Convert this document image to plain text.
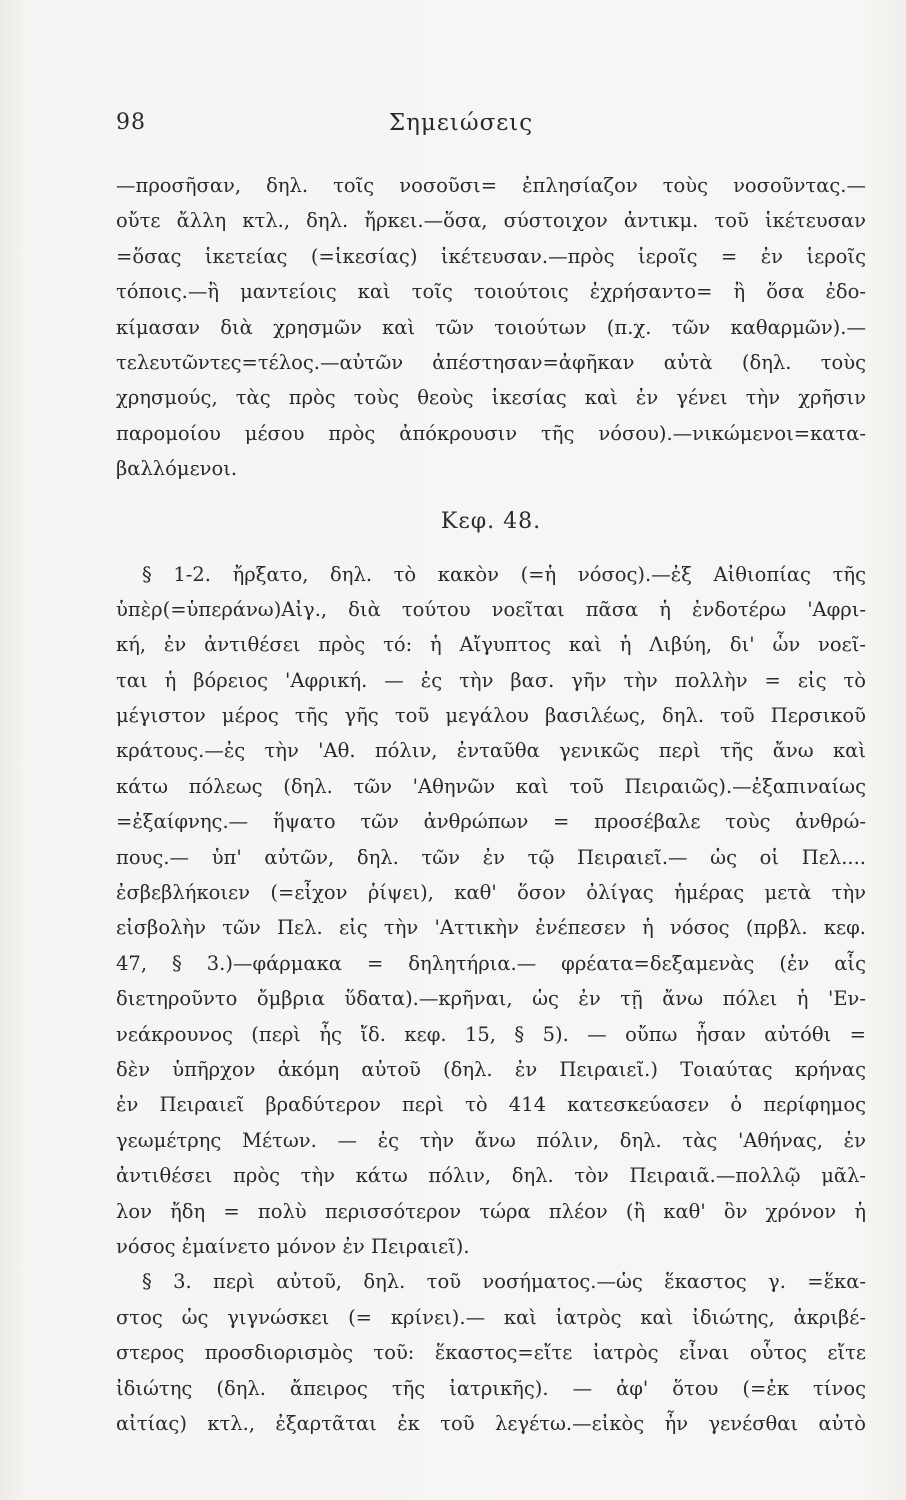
98	Σημειώσεις
—προσῆσαν, δηλ. τοῖς νοσοῦσι= ἐπλησίαζον τοὺς νοσοῦντας.—
οὔτε ἄλλη κτλ., δηλ. ἤρκει.—ὅσα, σύστοιχον ἀντικμ. τοῦ ἱκέτευσαν
=ὅσας ἱκετείας (=ἱκεσίας) ἱκέτευσαν.—πρὸς ἱεροῖς = ἐν ἱεροῖς
τόποις.—ἢ μαντείοις καὶ τοῖς τοιούτοις ἐχρήσαντο= ἢ ὅσα ἐδο-
κίμασαν διὰ χρησμῶν καὶ τῶν τοιούτων (π.χ. τῶν καθαρμῶν).—
τελευτῶντες=τέλος.—αὐτῶν ἀπέστησαν=ἀφῆκαν αὐτὰ (δηλ. τοὺς
χρησμούς, τὰς πρὸς τοὺς θεοὺς ἱκεσίας καὶ ἐν γένει τὴν χρῆσιν
παρομοίου μέσου πρὸς ἀπόκρουσιν τῆς νόσου).—νικώμενοι=κατα-
βαλλόμενοι.
Κεφ. 48.
§ 1-2. ἤρξατο, δηλ. τὸ κακὸν (=ἡ νόσος).—ἐξ Αἰθιοπίας τῆς
ὑπὲρ(=ὑπεράνω)Αἰγ., διὰ τούτου νοεῖται πᾶσα ἡ ἐνδοτέρω 'Αφρι-
κή, ἐν ἀντιθέσει πρὸς τό: ἡ Αἴγυπτος καὶ ἡ Λιβύη, δι' ὧν νοεῖ-
ται ἡ βόρειος 'Αφρική. — ἐς τὴν βασ. γῆν τὴν πολλὴν = εἰς τὸ
μέγιστον μέρος τῆς γῆς τοῦ μεγάλου βασιλέως, δηλ. τοῦ Περσικοῦ
κράτους.—ἐς τὴν 'Αθ. πόλιν, ἐνταῦθα γενικῶς περὶ τῆς ἄνω καὶ
κάτω πόλεως (δηλ. τῶν 'Αθηνῶν καὶ τοῦ Πειραιῶς).—ἐξαπιναίως
=ἐξαίφνης.— ἥψατο τῶν ἀνθρώπων = προσέβαλε τοὺς ἀνθρώ-
πους.— ὑπ' αὐτῶν, δηλ. τῶν ἐν τῷ Πειραιεῖ.— ὡς οἱ Πελ....
ἐσβεβλήκοιεν (=εἶχον ῥίψει), καθ' ὅσον ὀλίγας ἡμέρας μετὰ τὴν
εἰσβολὴν τῶν Πελ. εἰς τὴν 'Αττικὴν ἐνέπεσεν ἡ νόσος (πρβλ. κεφ.
47, § 3.)—φάρμακα = δηλητήρια.— φρέατα=δεξαμενὰς (ἐν αἷς
διετηροῦντο ὄμβρια ὕδατα).—κρῆναι, ὡς ἐν τῇ ἄνω πόλει ἡ 'Εν-
νεάκρουνος (περὶ ἧς ἴδ. κεφ. 15, § 5). — οὔπω ἦσαν αὐτόθι =
δὲν ὑπῆρχον ἀκόμη αὐτοῦ (δηλ. ἐν Πειραιεῖ.) Τοιαύτας κρήνας
ἐν Πειραιεῖ βραδύτερον περὶ τὸ 414 κατεσκεύασεν ὁ περίφημος
γεωμέτρης Μέτων. — ἐς τὴν ἄνω πόλιν, δηλ. τὰς 'Αθήνας, ἐν
ἀντιθέσει πρὸς τὴν κάτω πόλιν, δηλ. τὸν Πειραιᾶ.—πολλῷ μᾶλ-
λον ἤδη = πολὺ περισσότερον τώρα πλέον (ἢ καθ' ὃν χρόνον ἡ
νόσος ἐμαίνετο μόνον ἐν Πειραιεῖ).
§ 3. περὶ αὐτοῦ, δηλ. τοῦ νοσήματος.—ὡς ἕκαστος γ. =ἕκα-
στος ὡς γιγνώσκει (= κρίνει).— καὶ ἰατρὸς καὶ ἰδιώτης, ἀκριβέ-
στερος προσδιορισμὸς τοῦ: ἕκαστος=εἴτε ἰατρὸς εἶναι οὗτος εἴτε
ἰδιώτης (δηλ. ἄπειρος τῆς ἰατρικῆς). — ἀφ' ὅτου (=ἐκ τίνος
αἰτίας) κτλ., ἐξαρτᾶται ἐκ τοῦ λεγέτω.—εἰκὸς ἦν γενέσθαι αὐτὸ
